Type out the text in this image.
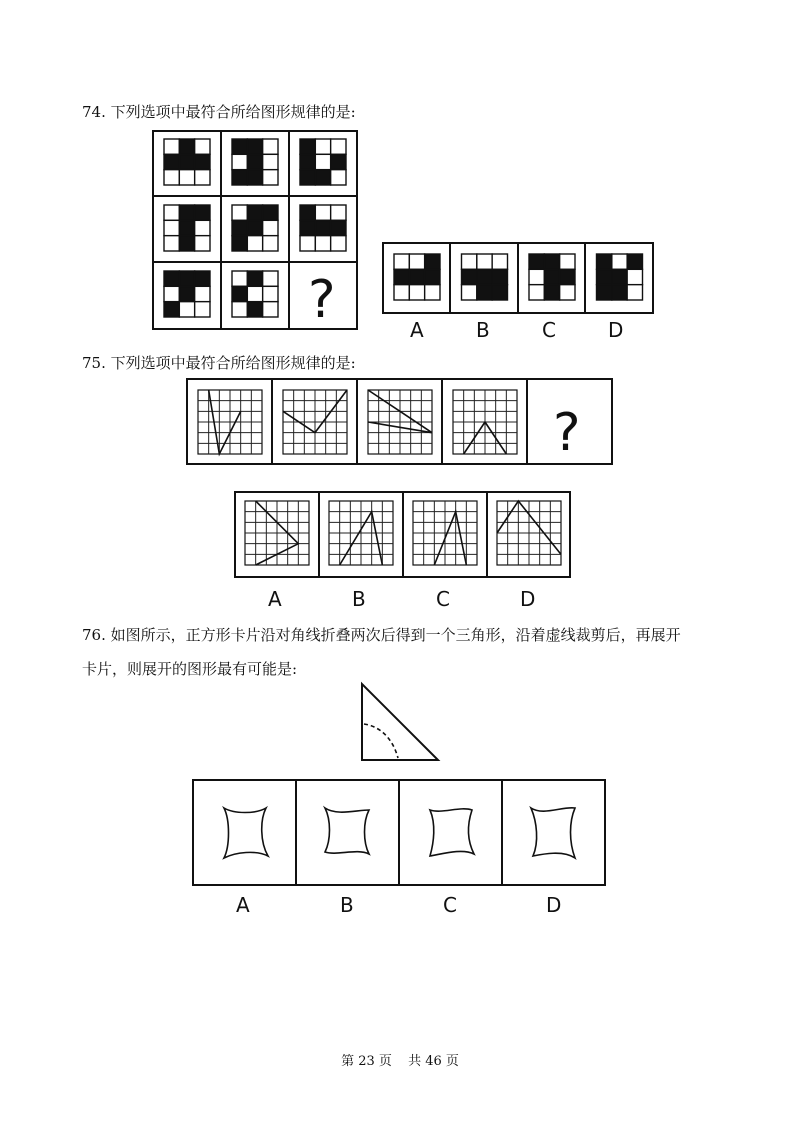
74. 下列选项中最符合所给图形规律的是:
?	A	B	C	D
75. 下列选项中最符合所给图形规律的是:
?
A	B	C	D
76. 如图所示，正方形卡片沿对角线折叠两次后得到一个三角形，沿着虚线裁剪后，再展开
卡片，则展开的图形最有可能是:
A	B	C	D
第 23 页 共 46 页
